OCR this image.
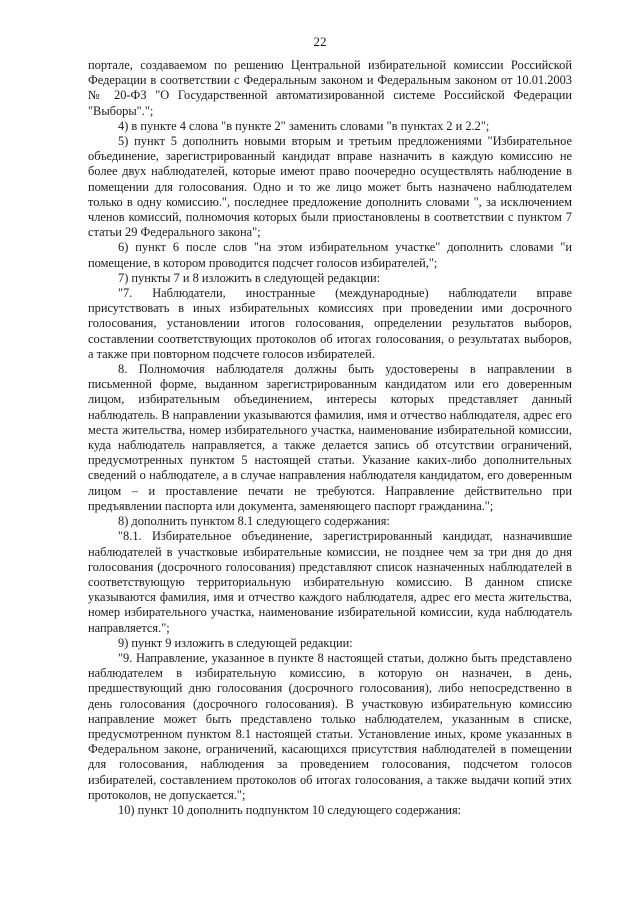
22

порталe, создаваемом по решению Центральной избирательной комиссии Российской Федерации в соответствии с Федеральным законом и Федеральным законом от 10.01.2003 № 20-ФЗ "О Государственной автоматизированной системе Российской Федерации "Выборы".";

4) в пункте 4 слова "в пункте 2" заменить словами "в пунктах 2 и 2.2";

5) пункт 5 дополнить новыми вторым и третьим предложениями "Избирательное объединение, зарегистрированный кандидат вправе назначить в каждую комиссию не более двух наблюдателей, которые имеют право поочередно осуществлять наблюдение в помещении для голосования. Одно и то же лицо может быть назначено наблюдателем только в одну комиссию.", последнее предложение дополнить словами ", за исключением членов комиссий, полномочия которых были приостановлены в соответствии с пунктом 7 статьи 29 Федерального закона";

6) пункт 6 после слов "на этом избирательном участке" дополнить словами "и помещение, в котором проводится подсчет голосов избирателей,";

7) пункты 7 и 8 изложить в следующей редакции:

"7. Наблюдатели, иностранные (международные) наблюдатели вправе присутствовать в иных избирательных комиссиях при проведении ими досрочного голосования, установлении итогов голосования, определении результатов выборов, составлении соответствующих протоколов об итогах голосования, о результатах выборов, а также при повторном подсчете голосов избирателей.

8. Полномочия наблюдателя должны быть удостоверены в направлении в письменной форме, выданном зарегистрированным кандидатом или его доверенным лицом, избирательным объединением, интересы которых представляет данный наблюдатель. В направлении указываются фамилия, имя и отчество наблюдателя, адрес его места жительства, номер избирательного участка, наименование избирательной комиссии, куда наблюдатель направляется, а также делается запись об отсутствии ограничений, предусмотренных пунктом 5 настоящей статьи. Указание каких-либо дополнительных сведений о наблюдателе, а в случае направления наблюдателя кандидатом, его доверенным лицом – и проставление печати не требуются. Направление действительно при предъявлении паспорта или документа, заменяющего паспорт гражданина.";

8) дополнить пунктом 8.1 следующего содержания:

"8.1. Избирательное объединение, зарегистрированный кандидат, назначившие наблюдателей в участковые избирательные комиссии, не позднее чем за три дня до дня голосования (досрочного голосования) представляют список назначенных наблюдателей в соответствующую территориальную избирательную комиссию. В данном списке указываются фамилия, имя и отчество каждого наблюдателя, адрес его места жительства, номер избирательного участка, наименование избирательной комиссии, куда наблюдатель направляется.";

9) пункт 9 изложить в следующей редакции:

"9. Направление, указанное в пункте 8 настоящей статьи, должно быть представлено наблюдателем в избирательную комиссию, в которую он назначен, в день, предшествующий дню голосования (досрочного голосования), либо непосредственно в день голосования (досрочного голосования). В участковую избирательную комиссию направление может быть представлено только наблюдателем, указанным в списке, предусмотренном пунктом 8.1 настоящей статьи. Установление иных, кроме указанных в Федеральном законе, ограничений, касающихся присутствия наблюдателей в помещении для голосования, наблюдения за проведением голосования, подсчетом голосов избирателей, составлением протоколов об итогах голосования, а также выдачи копий этих протоколов, не допускается.";

10) пункт 10 дополнить подпунктом 10 следующего содержания:
